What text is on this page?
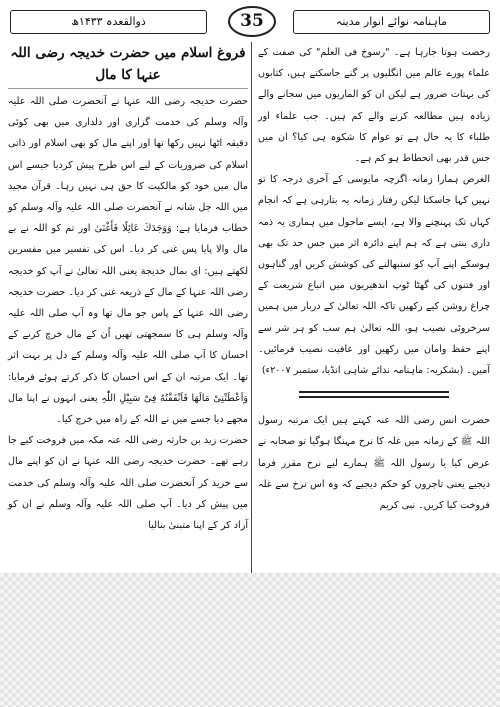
ذوالقعدہ ۱۴۳۳ھ	35	ماہنامہ نوائے انوار مدینہ

رخصت ہوتا جارہا ہے۔ "رسوخ فی العلم" کی صفت کے علماء پورے عالم میں انگلیوں پر گنے جاسکتے ہیں، کتابوں کی بہتات ضرور ہے لیکن ان کو الماریوں میں سجانے والے زیادہ ہیں مطالعہ کرنے والے کم ہیں۔ جب علماء اور طلباء کا یہ حال ہے تو عوام کا شکوہ ہی کیا؟ ان میں جس قدر بھی انحطاط ہو کم ہے۔

الغرض ہمارا زمانہ اگرچہ مایوسی کے آخری درجہ کا تو نہیں کہا جاسکتا لیکن رفتار زمانہ یہ بتارہی ہے کہ انجام کہاں تک پہنچنے والا ہے، ایسے ماحول میں ہماری یہ ذمہ داری بنتی ہے کہ ہم اپنے دائرہ اثر میں جس حد تک بھی ہوسکے اپنے آپ کو سنبھالنے کی کوشش کریں اور گناہوں اور فتنوں کی گھٹا ٹوپ اندھیریوں میں اتباع شریعت کے چراغ روشن کیے رکھیں تاکہ اللہ تعالیٰ کے دربار میں ہمیں سرخروئی نصیب ہو، اللہ تعالیٰ ہم سب کو ہر شر سے اپنے حفظ وامان میں رکھیں اور عافیت نصیب فرمائیں۔ آمین۔ (بشکریہ: ماہنامہ ندائے شاہی انڈیا، ستمبر ۲۰۰۷ء)

حضرت انس رضی اللہ عنہ کہتے ہیں ایک مرتبہ رسول اللہ ﷺ کے زمانہ میں غلہ کا نرخ مہنگا ہوگیا تو صحابہ نے عرض کیا یا رسول اللہ ﷺ ہمارے لیے نرخ مقرر فرما دیجیے یعنی تاجروں کو حکم دیجیے کہ وہ اس نرخ سے غلہ فروخت کیا کریں۔ نبی کریم

فروغ اسلام میں حضرت خدیجہ رضی اللہ عنہا کا مال

حضرت خدیجہ رضی اللہ عنہا نے آنحضرت صلی اللہ علیہ وآلہ وسلم کی خدمت گزاری اور دلداری میں بھی کوئی دقیقہ اٹھا نہیں رکھا تھا اور اپنے مال کو بھی اسلام اور ذاتی اسلام کی ضروریات کے لیے اس طرح پیش کردیا جیسے اس مال میں خود کو مالکیت کا حق ہی نہیں رہا۔ قرآن مجید میں اللہ جل شانہ نے آنحضرت صلی اللہ علیہ وآلہ وسلم کو خطاب فرمایا ہے: وَوَجَدَكَ عَائِلًا فَأَغْنَىٰ اور تم کو اللہ نے بے مال والا پایا پس غنی کر دیا۔ اس کی تفسیر میں مفسرین لکھتے ہیں: ای بمال خدیجة یعنی اللہ تعالیٰ نے آپ کو خدیجہ رضی اللہ عنہا کے مال کے ذریعہ غنی کر دیا۔ حضرت خدیجہ رضی اللہ عنہا کے پاس جو مال تھا وہ آپ صلی اللہ علیہ وآلہ وسلم ہی کا سمجھتی تھیں اُن کے مال خرچ کرنے کے احسان کا آپ صلی اللہ علیہ وآلہ وسلم کے دل پر بہت اثر تھا۔ ایک مرتبہ ان کے اس احسان کا ذکر کرتے ہوئے فرمایا: وَاَعْطَتْنِیْ مَالَهَا فَاَنْفَقْتُهُ فِیْ سَبِیْلِ اللّٰہِ یعنی انہوں نے اپنا مال مجھے دیا جسے میں نے اللہ کے راہ میں خرچ کیا۔

حضرت زید بن حارثہ رضی اللہ عنہ مکہ میں فروخت کیے جا رہے تھے۔ حضرت خدیجہ رضی اللہ عنہا نے ان کو اپنے مال سے خرید کر آنحضرت صلی اللہ علیہ وآلہ وسلم کی خدمت میں پیش کر دیا۔ آپ صلی اللہ علیہ وآلہ وسلم نے ان کو آزاد کر کے اپنا متبنیٰ بنالیا
